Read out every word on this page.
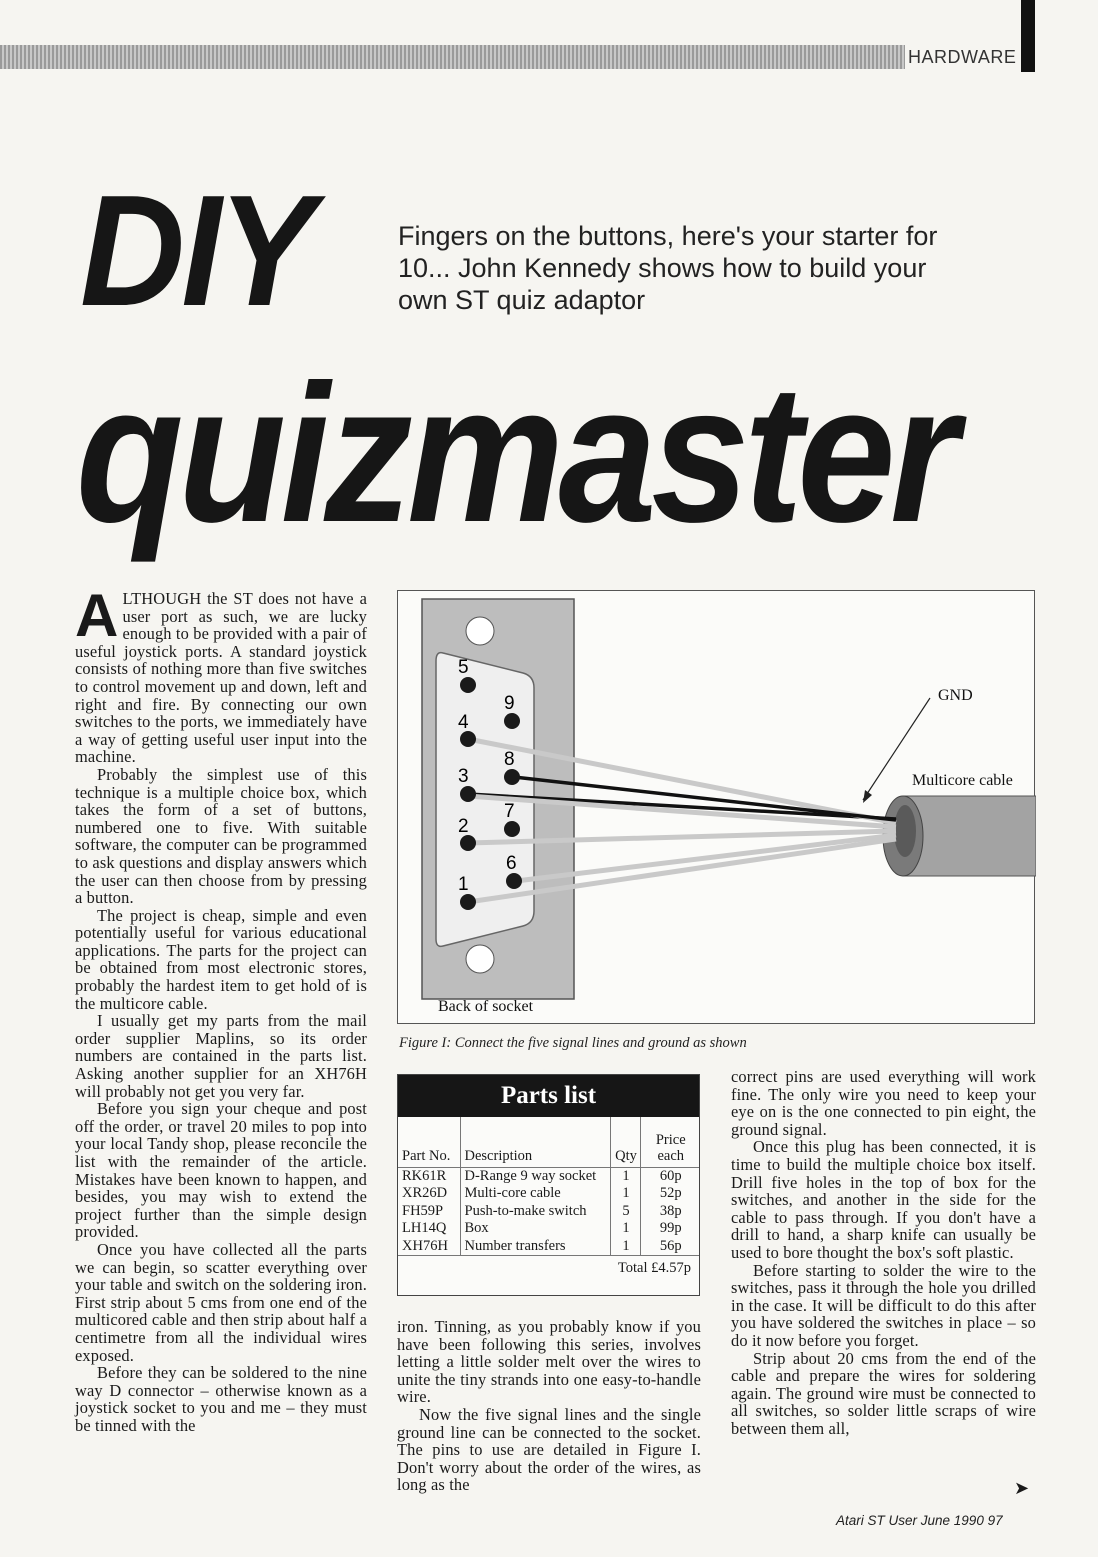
HARDWARE
DIY
quizmaster
Fingers on the buttons, here's your starter for 10... John Kennedy shows how to build your own ST quiz adaptor

ALTHOUGH the ST does not have a user port as such, we are lucky enough to be provided with a pair of useful joystick ports. A standard joystick consists of nothing more than five switches to control movement up and down, left and right and fire. By connecting our own switches to the ports, we immediately have a way of getting useful user input into the machine.

Probably the simplest use of this technique is a multiple choice box, which takes the form of a set of buttons, numbered one to five. With suitable software, the computer can be programmed to ask questions and display answers which the user can then choose from by pressing a button.

The project is cheap, simple and even potentially useful for various educational applications. The parts for the project can be obtained from most electronic stores, probably the hardest item to get hold of is the multicore cable.

I usually get my parts from the mail order supplier Maplins, so its order numbers are contained in the parts list. Asking another supplier for an XH76H will probably not get you very far.

Before you sign your cheque and post off the order, or travel 20 miles to pop into your local Tandy shop, please reconcile the list with the remainder of the article. Mistakes have been known to happen, and besides, you may wish to extend the project further than the simple design provided.

Once you have collected all the parts we can begin, so scatter everything over your table and switch on the soldering iron. First strip about 5 cms from one end of the multicored cable and then strip about half a centimetre from all the individual wires exposed.

Before they can be soldered to the nine way D connector – otherwise known as a joystick socket to you and me – they must be tinned with the

5
9
4
8
3
7
2
6
1
GND
Multicore cable
Back of socket
Figure I: Connect the five signal lines and ground as shown
Parts list
Part No.	Description	Qty	Price
each
RK61R	D-Range 9 way socket	1	60p
XR26D	Multi-core cable	1	52p
FH59P	Push-to-make switch	5	38p
LH14Q	Box	1	99p
XH76H	Number transfers	1	56p
Total £4.57p			

iron. Tinning, as you probably know if you have been following this series, involves letting a little solder melt over the wires to unite the tiny strands into one easy-to-handle wire.

Now the five signal lines and the single ground line can be connected to the socket. The pins to use are detailed in Figure I. Don't worry about the order of the wires, as long as the

correct pins are used everything will work fine. The only wire you need to keep your eye on is the one connected to pin eight, the ground signal.

Once this plug has been connected, it is time to build the multiple choice box itself. Drill five holes in the top of box for the switches, and another in the side for the cable to pass through. If you don't have a drill to hand, a sharp knife can usually be used to bore thought the box's soft plastic.

Before starting to solder the wire to the switches, pass it through the hole you drilled in the case. It will be difficult to do this after you have soldered the switches in place – so do it now before you forget.

Strip about 20 cms from the end of the cable and prepare the wires for soldering again. The ground wire must be connected to all switches, so solder little scraps of wire between them all,

➤
Atari ST User June 1990 97
